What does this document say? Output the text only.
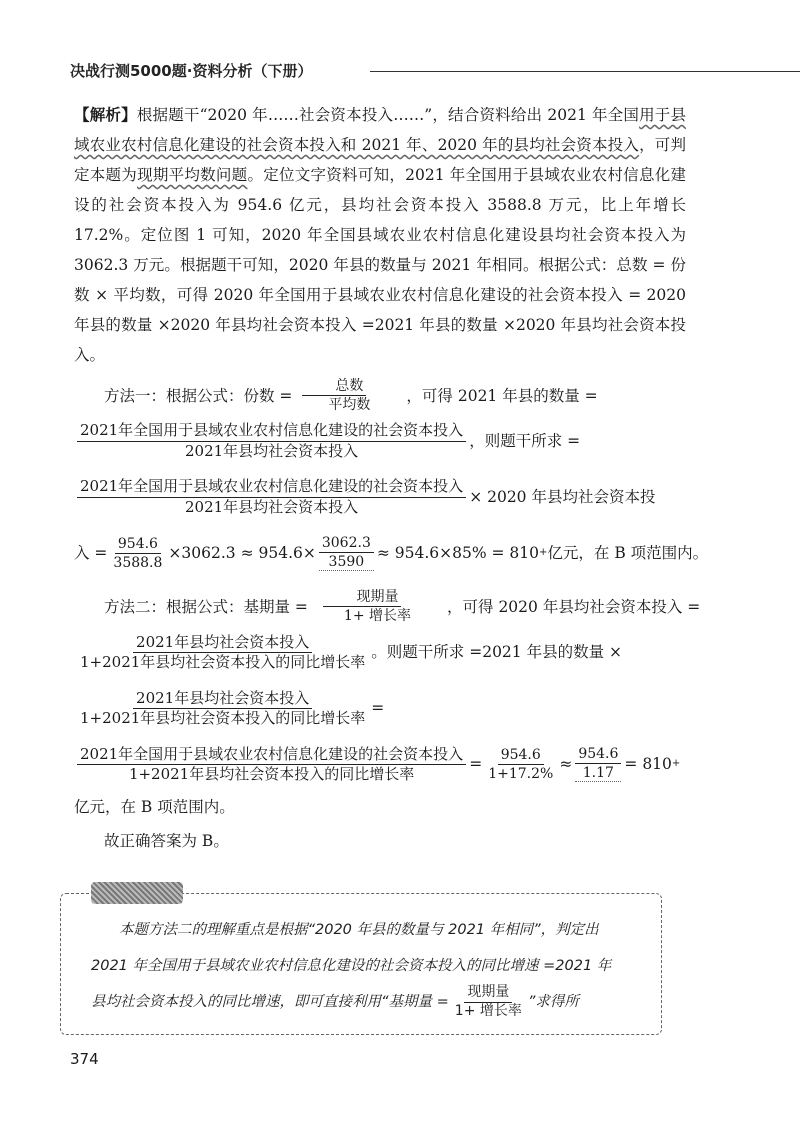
决战行测5000题·资料分析（下册）

【解析】根据题干“2020 年……社会资本投入……”，结合资料给出 2021 年全国用于县域农业农村信息化建设的社会资本投入和 2021 年、2020 年的县均社会资本投入，可判定本题为现期平均数问题。定位文字资料可知，2021 年全国用于县域农业农村信息化建设的社会资本投入为 954.6 亿元，县均社会资本投入 3588.8 万元，比上年增长 17.2%。定位图 1 可知，2020 年全国县域农业农村信息化建设县均社会资本投入为 3062.3 万元。根据题干可知，2020 年县的数量与 2021 年相同。根据公式：总数 = 份数 × 平均数，可得 2020 年全国用于县域农业农村信息化建设的社会资本投入 = 2020 年县的数量 ×2020 年县均社会资本投入 =2021 年县的数量 ×2020 年县均社会资本投入。

方法一：根据公式：份数 = $\frac{\text{总数}}{\text{平均数}}$	，可得 2021 年县的数量 =

$\frac{\text{2021年全国用于县域农业农村信息化建设的社会资本投入}}{\text{2021年县均社会资本投入}}$ ，则题干所求 =
$\frac{\text{2021年全国用于县域农业农村信息化建设的社会资本投入}}{\text{2021年县均社会资本投入}} \times 2020$ 年县均社会资本投
入 = $\frac{954.6}{3588.8} \times 3062.3 \approx 954.6\times \frac{3062.3}{3590} \approx 954.6\times 85\% = 810$ + 亿元，在 B 项范围内。

方法二：根据公式：基期量 = $\frac{\text{现期量}}{\text{1+ 增长率}}$	，可得 2020 年县均社会资本投入 =

$\frac{\text{2021年县均社会资本投入}}{\text{1+2021年县均社会资本投入的同比增长率}}$ 。则题干所求 =2021 年县的数量 ×
$\frac{\text{2021年县均社会资本投入}}{\text{1+2021年县均社会资本投入的同比增长率}}$ =
$\frac{\text{2021年全国用于县域农业农村信息化建设的社会资本投入}}{\text{1+2021年县均社会资本投入的同比增长率}} = \frac{954.6}{1+17.2\%} \approx \frac{954.6}{1.17} = 810$ +

亿元，在 B 项范围内。

故正确答案为 B。

本题方法二的理解重点是根据“2020 年县的数量与 2021 年相同”，判定出
2021 年全国用于县域农业农村信息化建设的社会资本投入的同比增速 =2021 年
县均社会资本投入的同比增速，即可直接利用“基期量 = $\frac{\text{现期量}}{\text{1+ 增长率}}$ ”求得所
374
